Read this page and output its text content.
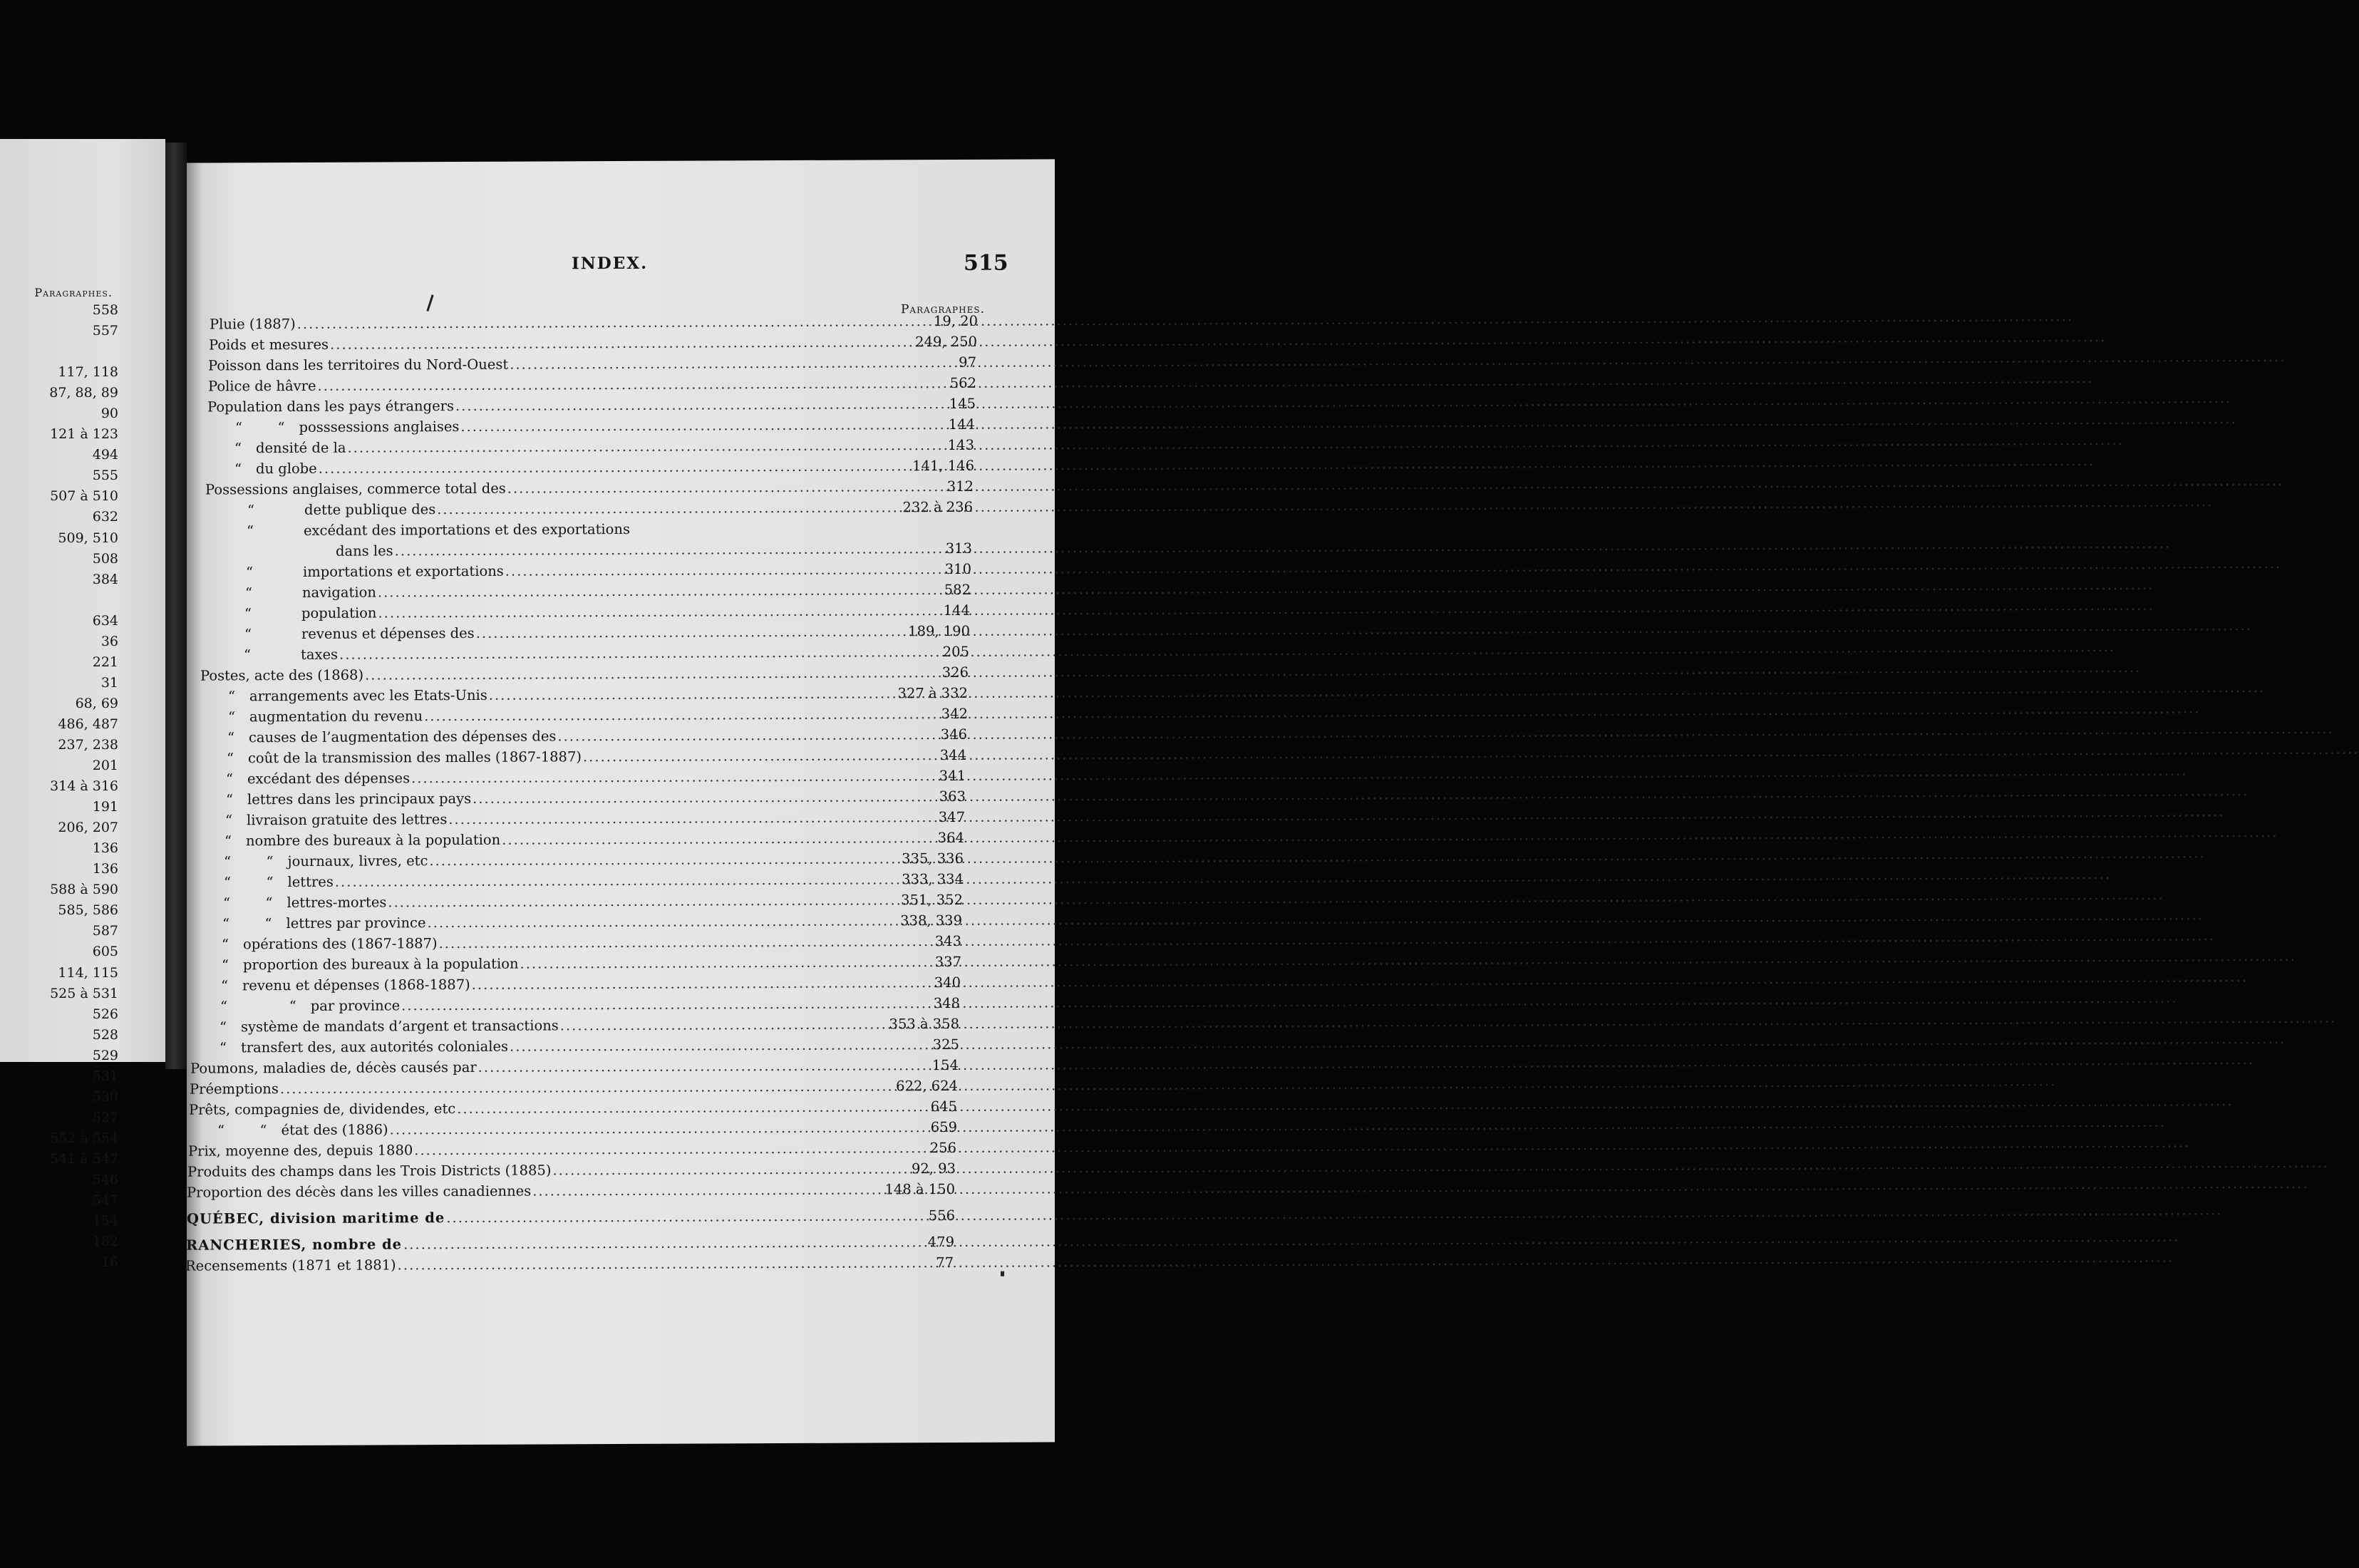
Paragraphes.
558
557
117, 118
87, 88, 89
90
121 à 123
494
555
507 à 510
632
509, 510
508
384
634
36
221
31
68, 69
486, 487
237, 238
201
314 à 316
191
206, 207
136
136
588 à 590
585, 586
587
605
114, 115
525 à 531
526
528
529
531
530
527
552 à 554
541 à 547
546
547
154
182
16
INDEX.	515
Paragraphes.
Pluie (1887) .....	19, 20
Poids et mesures .....	249, 250
Poisson dans les territoires du Nord-Ouest .....	97
Police de hâvre .....	562
Population dans les pays étrangers .....	145
“        “	posssessions anglaises .....	144
“	densité de la .....	143
“	du globe .....	141, 146
Possessions anglaises, commerce total des .....	312
“	dette publique des .....	232 à 236
“	excédant des importations et des exportations
dans les .....	313
“	importations et exportations .....	310
“	navigation .....	582
“	population .....	144
“	revenus et dépenses des .....	189, 190
“	taxes .....	205
Postes, acte des (1868) .....	326
“	arrangements avec les Etats-Unis .....	327 à 332
“	augmentation du revenu .....	342
“	causes de l’augmentation des dépenses des .....	346
“	coût de la transmission des malles (1867-1887) .....	344
“	excédant des dépenses .....	341
“	lettres dans les principaux pays .....	363
“	livraison gratuite des lettres .....	347
“	nombre des bureaux à la population .....	364
“        “	journaux, livres, etc .....	335, 336
“        “	lettres .....	333, 334
“        “	lettres-mortes .....	351, 352
“        “	lettres par province .....	338, 339
“	opérations des (1867-1887) .....	343
“	proportion des bureaux à la population .....	337
“	revenu et dépenses (1868-1887) .....	340
“              “	par province .....	348
“	système de mandats d’argent et transactions .....	353 à 358
“	transfert des, aux autorités coloniales .....	325
Poumons, maladies de, décès causés par .....	154
Préemptions .....	622, 624
Prêts, compagnies de, dividendes, etc .....	645
“        “	état des (1886) .....	659
Prix, moyenne des, depuis 1880 .....	256
Produits des champs dans les Trois Districts (1885) .....	92, 93
Proportion des décès dans les villes canadiennes .....	148 à 150
QUÉBEC, division maritime de .....	556
RANCHERIES, nombre de .....	479
Recensements (1871 et 1881) .....	77
